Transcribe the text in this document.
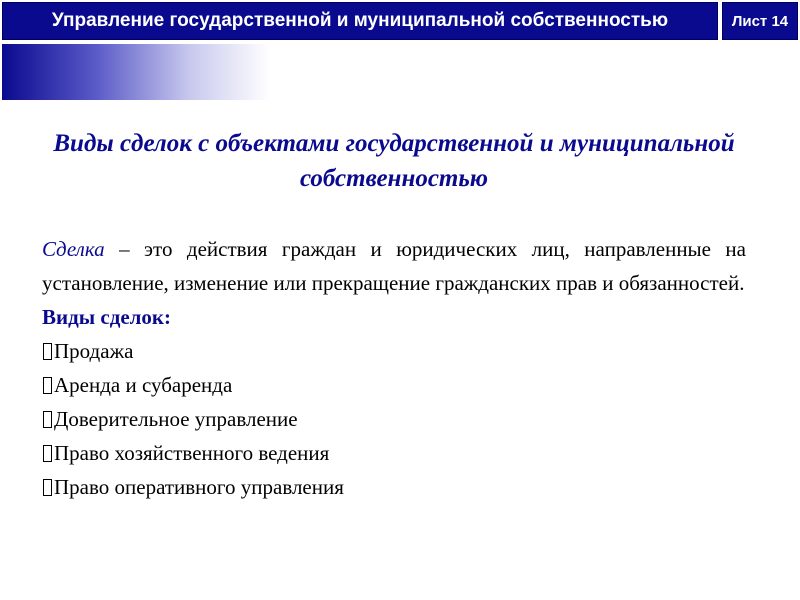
Управление государственной и муниципальной собственностью	Лист 14
Виды сделок с объектами государственной и муниципальной собственностью

Сделка – это действия граждан и юридических лиц, направленные на установление, изменение или прекращение гражданских прав и обязанностей.

Виды сделок:

Продажа
Аренда и субаренда
Доверительное управление
Право хозяйственного ведения
Право оперативного управления
